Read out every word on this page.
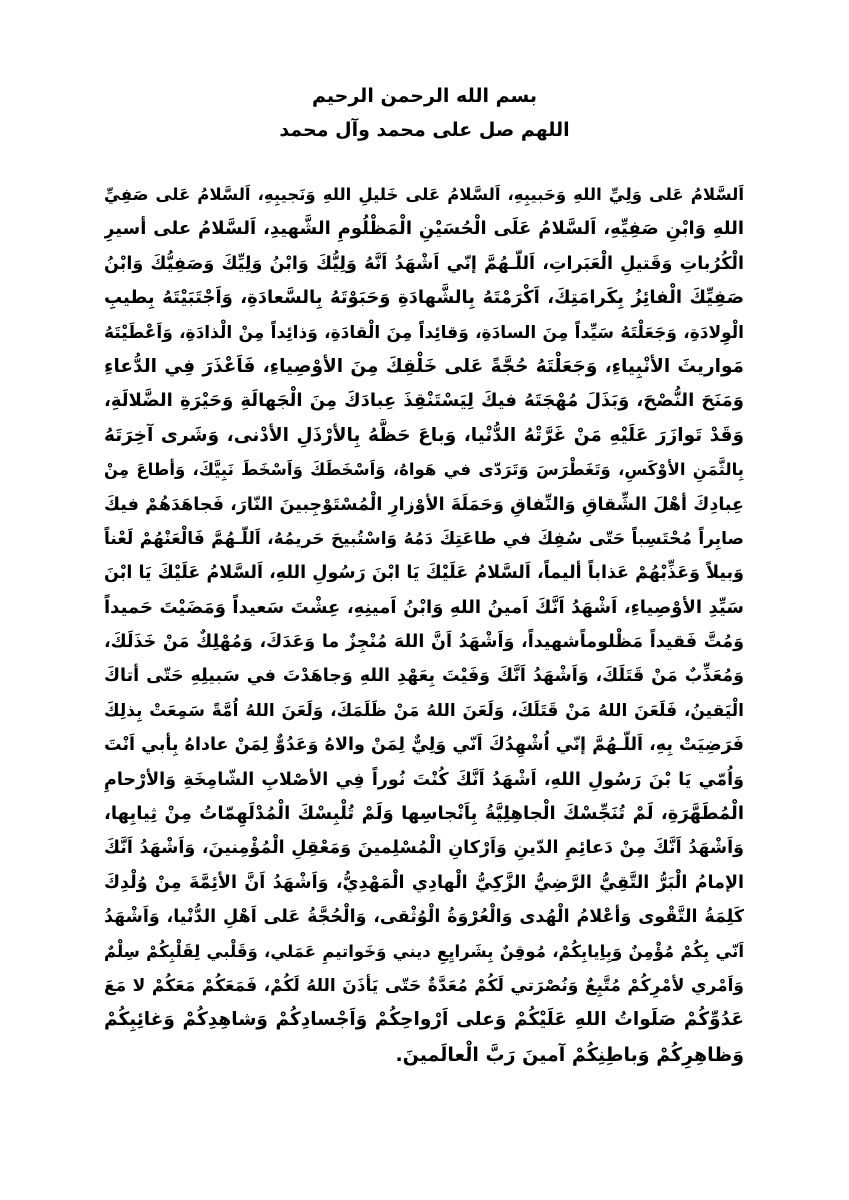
بسم الله الرحمن الرحيم
اللهم صل على محمد وآل محمد
اَلسَّلامُ عَلى وَلِيِّ اللهِ وَحَبيبِهِ، اَلسَّلامُ عَلى خَليلِ اللهِ وَنَجيبِهِ، اَلسَّلامُ عَلى صَفِيِّ
اللهِ وَابْنِ صَفِيِّهِ، اَلسَّلامُ عَلَى الْحُسَيْنِ الْمَظْلُومِ الشَّهيدِ، اَلسَّلامُ على أسيرِ
الْكُرُباتِ وَقَتيلِ الْعَبَراتِ، اَللّـهُمَّ إنّي اَشْهَدُ اَنَّهُ وَلِيُّكَ وَابْنُ وَلِيِّكَ وَصَفِيُّكَ وَابْنُ
صَفِيِّكَ الْفائِزُ بِكَرامَتِكَ، اَكْرَمْتَهُ بِالشَّهادَةِ وَحَبَوْتَهُ بِالسَّعادَةِ، وَاَجْتَبَيْتَهُ بِطيبِ
الْوِلادَةِ، وَجَعَلْتَهُ سَيِّداً مِنَ السادَةِ، وَقائِداً مِنَ الْقادَةِ، وَذائِداً مِنْ الْذادَةِ، وَاَعْطَيْتَهُ
مَواريثَ الأنْبِياءِ، وَجَعَلْتَهُ حُجَّةً عَلى خَلْقِكَ مِنَ الأوْصِياءِ، فَاَعْذَرَ فِي الدُّعاءِ
وَمَنَحَ النُّصْحَ، وَبَذَلَ مُهْجَتَهُ فيكَ لِيَسْتَنْقِذَ عِبادَكَ مِنَ الْجَهالَةِ وَحَيْرَةِ الضَّلالَةِ،
وَقَدْ تَوازَرَ عَلَيْهِ مَنْ غَرَّتْهُ الدُّنْيا، وَباعَ حَظَّهُ بِالأرْذَلِ الأدْنى، وَشَرى آخِرَتَهُ
بِالثَّمَنِ الأوْكَسِ، وَتَغَطْرَسَ وَتَرَدّى في هَواهُ، وَاَسْخَطَكَ وَاَسْخَطَ نَبِيَّكَ، وَأطاعَ مِنْ
عِبادِكَ أهْلَ الشِّقاقِ وَالنِّفاقِ وَحَمَلَةَ الأوْزارِ الْمُسْتَوْجِبينَ النّارَ، فَجاهَدَهُمْ فيكَ
صابِراً مُحْتَسِباً حَتّى سُفِكَ في طاعَتِكَ دَمُهُ وَاسْتُبيحَ حَريمُهُ، اَللّـهُمَّ فَالْعَنْهُمْ لَعْناً
وَبيلاً وَعَذِّبْهُمْ عَذاباً أليماً، اَلسَّلامُ عَلَيْكَ يَا ابْنَ رَسُولِ اللهِ، اَلسَّلامُ عَلَيْكَ يَا ابْنَ
سَيِّدِ الأوْصِياءِ، اَشْهَدُ اَنَّكَ اَمينُ اللهِ وَابْنُ اَمينِهِ، عِشْتَ سَعيداً وَمَضَيْتَ حَميداً
وَمُتَّ فَقيداً مَظْلوماًشهيداً، وَاَشْهَدُ اَنَّ اللهَ مُنْجِزٌ ما وَعَدَكَ، وَمُهْلِكٌ مَنْ خَذَلَكَ،
وَمُعَذِّبٌ مَنْ قَتَلَكَ، وَاَشْهَدُ اَنَّكَ وَفَيْتَ بِعَهْدِ اللهِ وَجاهَدْتَ في سَبيلِهِ حَتّى أتاكَ
الْيَقينُ، فَلَعَنَ اللهُ مَنْ قَتَلَكَ، وَلَعَنَ اللهُ مَنْ ظَلَمَكَ، وَلَعَنَ اللهُ اُمَّةً سَمِعَتْ بِذلِكَ
فَرَضِيَتْ بِهِ، اَللّـهُمَّ إنّي اُشْهِدُكَ اَنّي وَلِيٌّ لِمَنْ والاهُ وَعَدُوٌّ لِمَنْ عاداهُ بِأبي اَنْتَ
وَاُمّي يَا بْنَ رَسُولِ اللهِ، اَشْهَدُ اَنَّكَ كُنْتَ نُوراً فِي الأصْلابِ الشّامِخَةِ وَالأرْحامِ
الْمُطَهَّرَةِ، لَمْ تُنَجِّسْكَ الْجاهِلِيَّةُ بِاَنْجاسِها وَلَمْ تُلْبِسْكَ الْمُدْلَهِمّاتُ مِنْ ثِيابِها،
وَاَشْهَدُ اَنَّكَ مِنْ دَعائِمِ الدّينِ وَاَرْكانِ الْمُسْلِمينَ وَمَعْقِلِ الْمُؤْمِنينَ، وَاَشْهَدُ اَنَّكَ
الإمامُ الْبَرُّ التَّقِيُّ الرَّضِيُّ الزَّكِيُّ الْهادِي الْمَهْدِيُّ، وَاَشْهَدُ اَنَّ الأئِمَّةَ مِنْ وُلْدِكَ
كَلِمَةُ التَّقْوى وَأعْلامُ الْهُدى وَالْعُرْوَةُ الْوُثْقى، وَالْحُجَّةُ عَلى اَهْلِ الدُّنْيا، وَاَشْهَدُ
اَنّي بِكُمْ مُؤْمِنٌ وَبِاِيابِكُمْ، مُوقِنٌ بِشَرايِعِ ديني وَخَواتيمِ عَمَلي، وَقَلْبي لِقَلْبِكُمْ سِلْمٌ
وَاَمْري لأمْرِكُمْ مُتَّبِعٌ وَنُصْرَتي لَكُمْ مُعَدَّةٌ حَتّى يَأذَنَ اللهُ لَكُمْ، فَمَعَكُمْ مَعَكُمْ لا مَعَ
عَدُوِّكُمْ صَلَواتُ اللهِ عَلَيْكُمْ وَعلى اَرْواحِكُمْ وَاَجْسادِكُمْ وَشاهِدِكُمْ وَغائِبِكُمْ
وَظاهِرِكُمْ وَباطِنِكُمْ آمينَ رَبَّ الْعالَمينَ.
